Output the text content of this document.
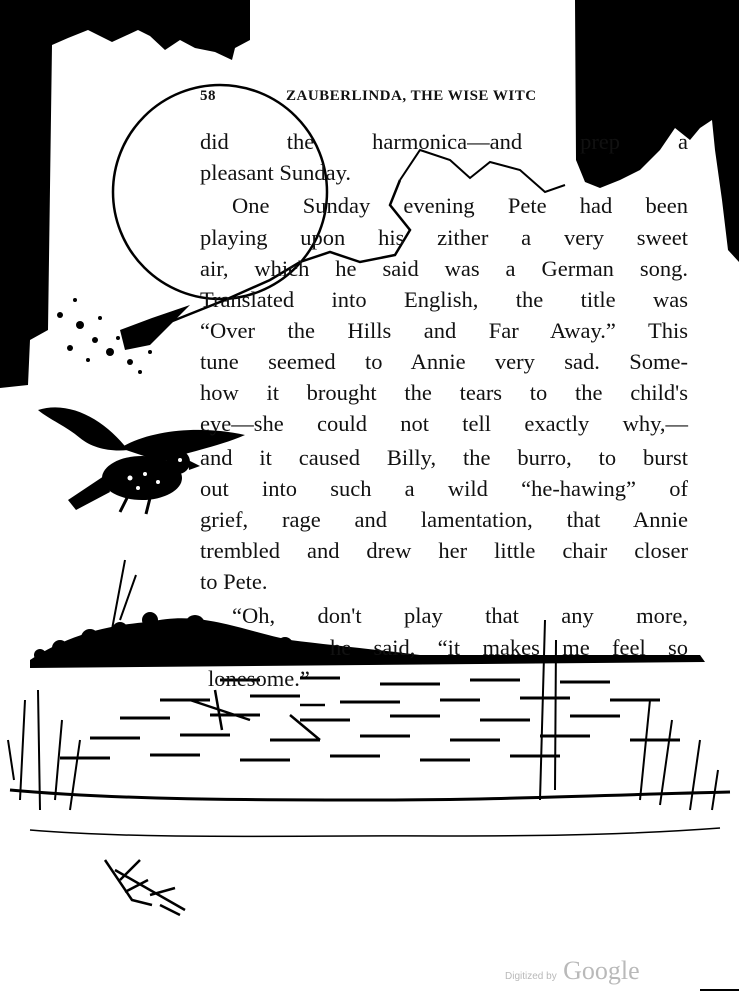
58	ZAUBERLINDA, THE WISE WITC
did the harmonica—and prep a
pleasant Sunday.
One Sunday evening Pete had been
playing upon his zither a very sweet
air, which he said was a German song.
Translated into English, the title was
“Over the Hills and Far Away.” This
tune seemed to Annie very sad. Some-
how it brought the tears to the child's
eye—she could not tell exactly why,—
and it caused Billy, the burro, to burst
out into such a wild “he-hawing” of
grief, rage and lamentation, that Annie
trembled and drew her little chair closer
to Pete.
“Oh, don't play that any more,
he said, “it makes me feel so
lonesome.”
Digitized by Google
